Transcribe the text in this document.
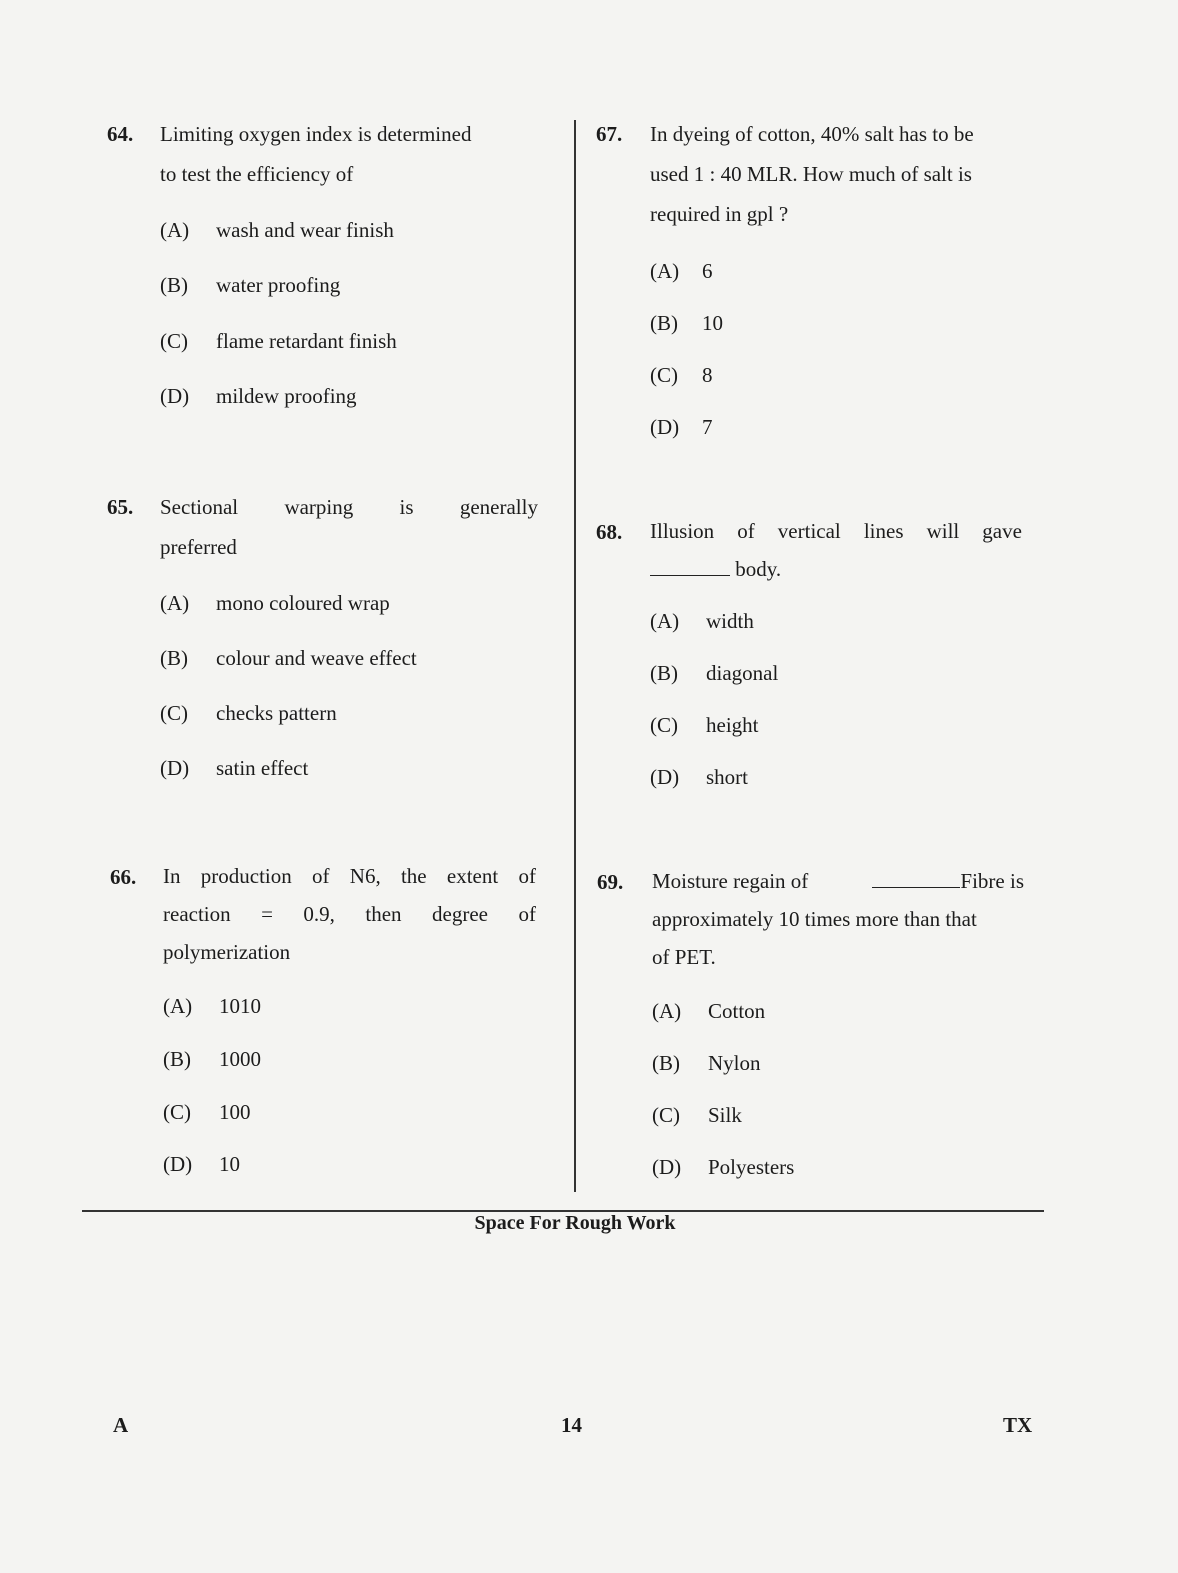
64. Limiting oxygen index is determined
to test the efficiency of
(A) wash and wear finish
(B) water proofing
(C) flame retardant finish
(D) mildew proofing
65. Sectional warping is generally
preferred
(A) mono coloured wrap
(B) colour and weave effect
(C) checks pattern
(D) satin effect
66. In production of N6, the extent of
reaction = 0.9, then degree of
polymerization
(A) 1010
(B) 1000
(C) 100
(D) 10
67. In dyeing of cotton, 40% salt has to be
used 1 : 40 MLR. How much of salt is
required in gpl ?
(A) 6
(B) 10
(C) 8
(D) 7
68. Illusion of vertical lines will gave
body.
(A) width
(B) diagonal
(C) height
(D) short
69. Moisture regain of	Fibre is
approximately 10 times more than that
of PET.
(A) Cotton
(B) Nylon
(C) Silk
(D) Polyesters
Space For Rough Work
A	14	TX
